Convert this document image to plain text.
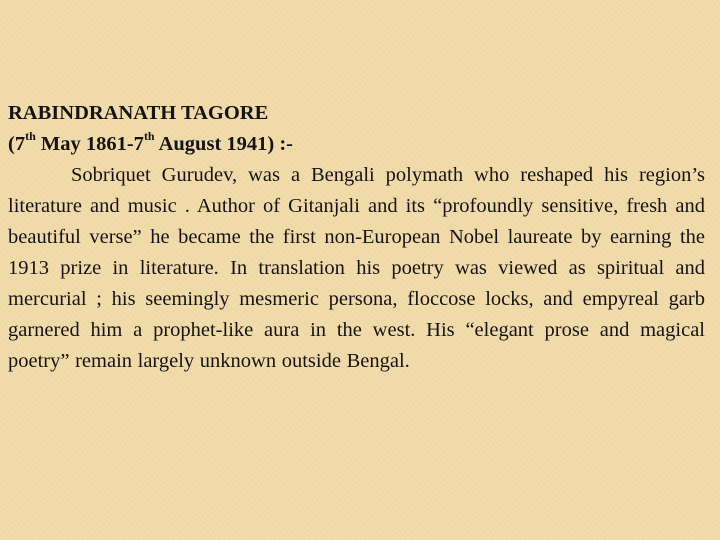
RABINDRANATH TAGORE
(7th May 1861-7th August 1941) :-

Sobriquet Gurudev, was a Bengali polymath who reshaped his region’s literature and music . Author of Gitanjali and its “profoundly sensitive, fresh and beautiful verse” he became the first non-European Nobel laureate by earning the 1913 prize in literature. In translation his poetry was viewed as spiritual and mercurial ; his seemingly mesmeric persona, floccose locks, and empyreal garb garnered him a prophet-like aura in the west. His “elegant prose and magical poetry” remain largely unknown outside Bengal.
